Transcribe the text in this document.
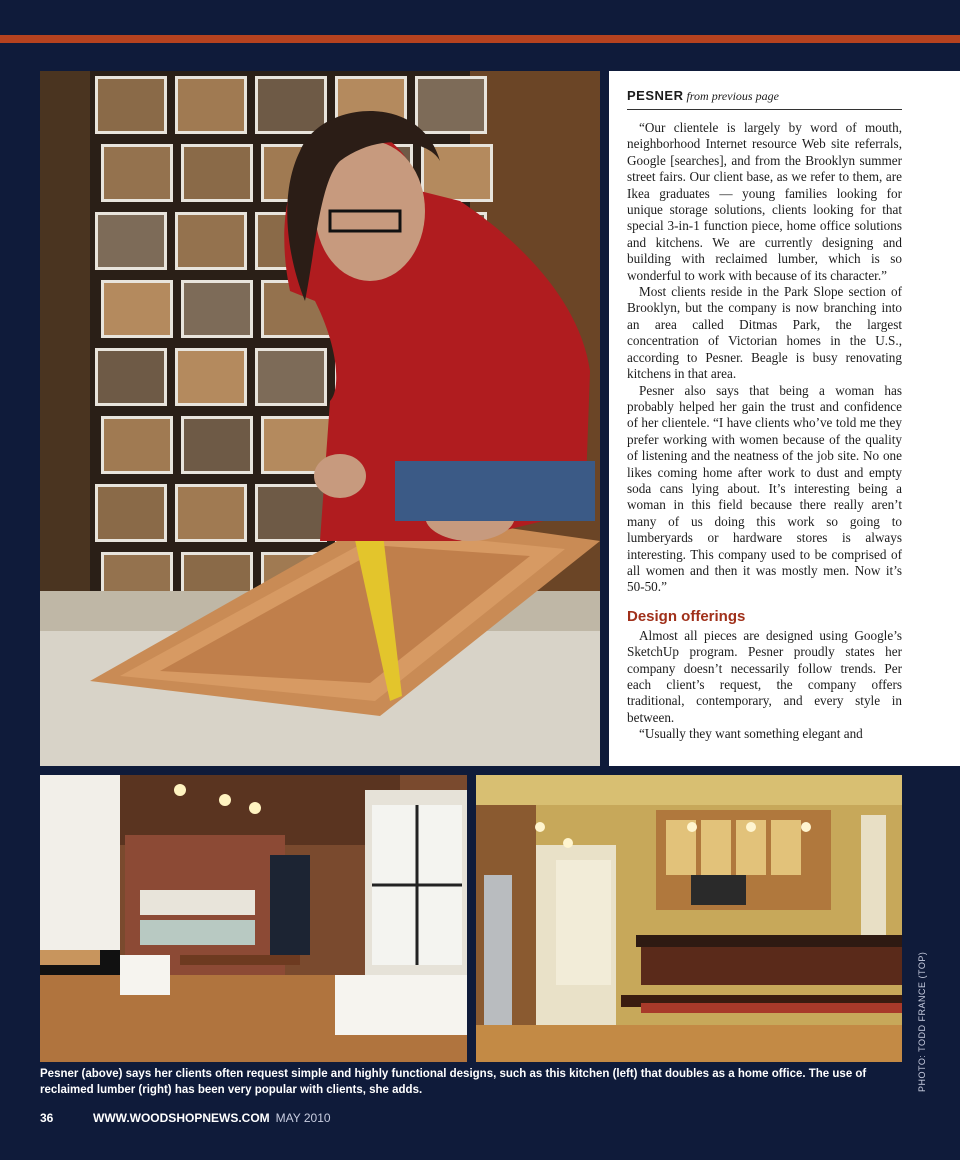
PESNER from previous page

“Our clientele is largely by word of mouth, neighborhood Internet resource Web site referrals, Google [searches], and from the Brooklyn summer street fairs. Our client base, as we refer to them, are Ikea graduates — young families looking for unique storage solutions, clients looking for that special 3-in-1 function piece, home office solutions and kitchens. We are currently designing and building with reclaimed lumber, which is so wonderful to work with because of its character.”

Most clients reside in the Park Slope section of Brooklyn, but the company is now branching into an area called Ditmas Park, the largest concentration of Victorian homes in the U.S., according to Pesner. Beagle is busy renovating kitchens in that area.

Pesner also says that being a woman has probably helped her gain the trust and confidence of her clientele. “I have clients who’ve told me they prefer working with women because of the quality of listening and the neatness of the job site. No one likes coming home after work to dust and empty soda cans lying about. It’s interesting being a woman in this field because there really aren’t many of us doing this work so going to lumberyards or hardware stores is always interesting. This company used to be comprised of all women and then it was mostly men. Now it’s 50-50.”

Design offerings

Almost all pieces are designed using Google’s SketchUp program. Pesner proudly states her company doesn’t necessarily follow trends. Per each client’s request, the company offers traditional, contemporary, and every style in between.

“Usually they want something elegant and

Pesner (above) says her clients often request simple and highly functional designs, such as this kitchen (left) that doubles as a home office. The use of reclaimed lumber (right) has been very popular with clients, she adds.	PHOTO: TODD FRANCE (TOP)
36	WWW.WOODSHOPNEWS.COM MAY 2010
